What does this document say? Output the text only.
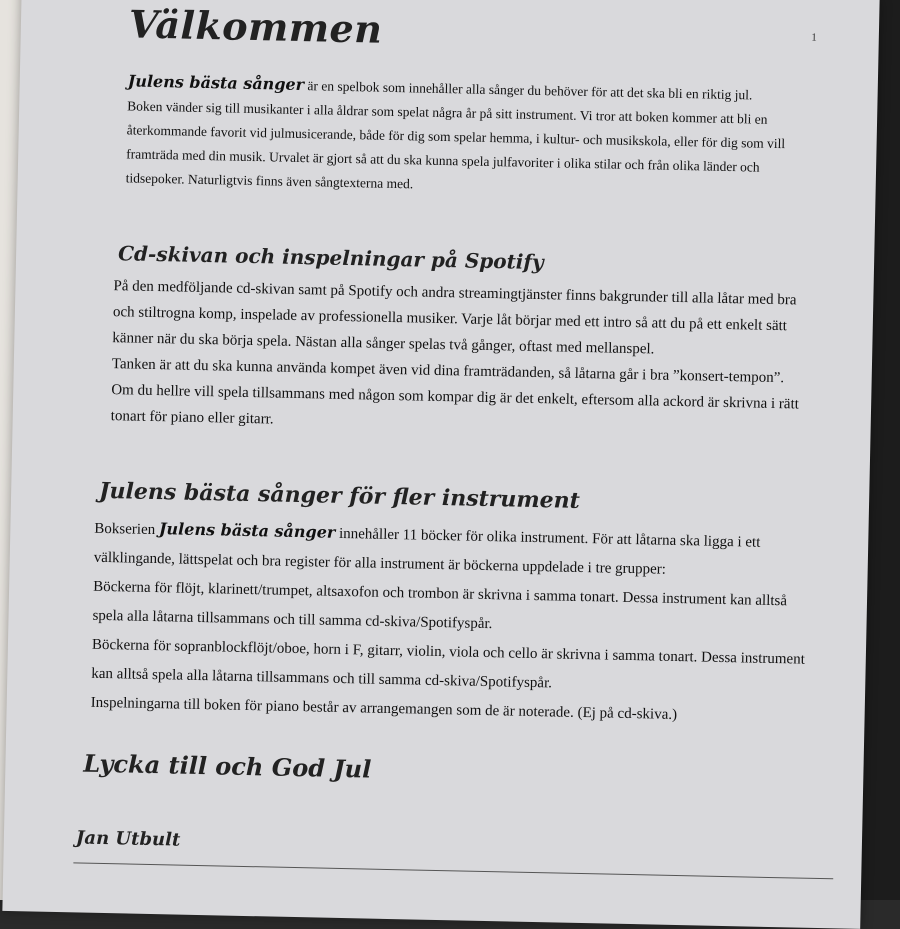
1
Välkommen

Julens bästa sånger är en spelbok som innehåller alla sånger du behöver för att det ska bli en riktig jul. Boken vänder sig till musikanter i alla åldrar som spelat några år på sitt instrument. Vi tror att boken kommer att bli en återkommande favorit vid julmusicerande, både för dig som spelar hemma, i kultur- och musikskola, eller för dig som vill framträda med din musik. Urvalet är gjort så att du ska kunna spela julfavoriter i olika stilar och från olika länder och tidsepoker. Naturligtvis finns även sångtexterna med.

Cd-skivan och inspelningar på Spotify

På den medföljande cd-skivan samt på Spotify och andra streamingtjänster finns bakgrunder till alla låtar med bra och stiltrogna komp, inspelade av professionella musiker. Varje låt börjar med ett intro så att du på ett enkelt sätt känner när du ska börja spela. Nästan alla sånger spelas två gånger, oftast med mellanspel.

Tanken är att du ska kunna använda kompet även vid dina framträdanden, så låtarna går i bra ”konsert-tempon”. Om du hellre vill spela tillsammans med någon som kompar dig är det enkelt, eftersom alla ackord är skrivna i rätt tonart för piano eller gitarr.

Julens bästa sånger för fler instrument

Bokserien Julens bästa sånger innehåller 11 böcker för olika instrument. För att låtarna ska ligga i ett välklingande, lättspelat och bra register för alla instrument är böckerna uppdelade i tre grupper:

Böckerna för flöjt, klarinett/trumpet, altsaxofon och trombon är skrivna i samma tonart. Dessa instrument kan alltså spela alla låtarna tillsammans och till samma cd-skiva/Spotifyspår.

Böckerna för sopranblockflöjt/oboe, horn i F, gitarr, violin, viola och cello är skrivna i samma tonart. Dessa instrument kan alltså spela alla låtarna tillsammans och till samma cd-skiva/Spotifyspår.

Inspelningarna till boken för piano består av arrangemangen som de är noterade. (Ej på cd-skiva.)

Lycka till och God Jul
Jan Utbult
